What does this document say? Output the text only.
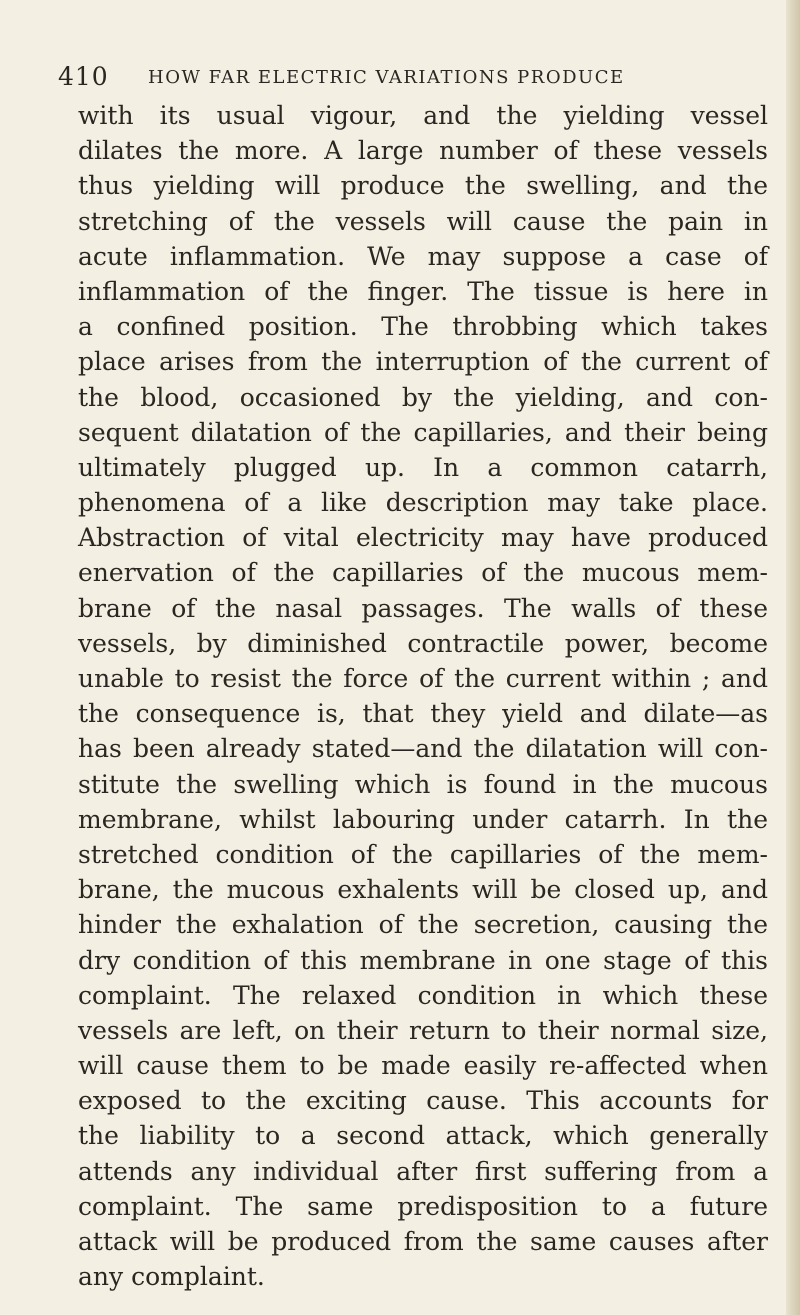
410 HOW FAR ELECTRIC VARIATIONS PRODUCE
with its usual vigour, and the yielding vessel
dilates the more. A large number of these vessels
thus yielding will produce the swelling, and the
stretching of the vessels will cause the pain in
acute inflammation. We may suppose a case of
inflammation of the finger. The tissue is here in
a confined position. The throbbing which takes
place arises from the interruption of the current of
the blood, occasioned by the yielding, and con-
sequent dilatation of the capillaries, and their being
ultimately plugged up. In a common catarrh,
phenomena of a like description may take place.
Abstraction of vital electricity may have produced
enervation of the capillaries of the mucous mem-
brane of the nasal passages. The walls of these
vessels, by diminished contractile power, become
unable to resist the force of the current within ; and
the consequence is, that they yield and dilate—as
has been already stated—and the dilatation will con-
stitute the swelling which is found in the mucous
membrane, whilst labouring under catarrh. In the
stretched condition of the capillaries of the mem-
brane, the mucous exhalents will be closed up, and
hinder the exhalation of the secretion, causing the
dry condition of this membrane in one stage of this
complaint. The relaxed condition in which these
vessels are left, on their return to their normal size,
will cause them to be made easily re-affected when
exposed to the exciting cause. This accounts for
the liability to a second attack, which generally
attends any individual after first suffering from a
complaint. The same predisposition to a future
attack will be produced from the same causes after
any complaint.
